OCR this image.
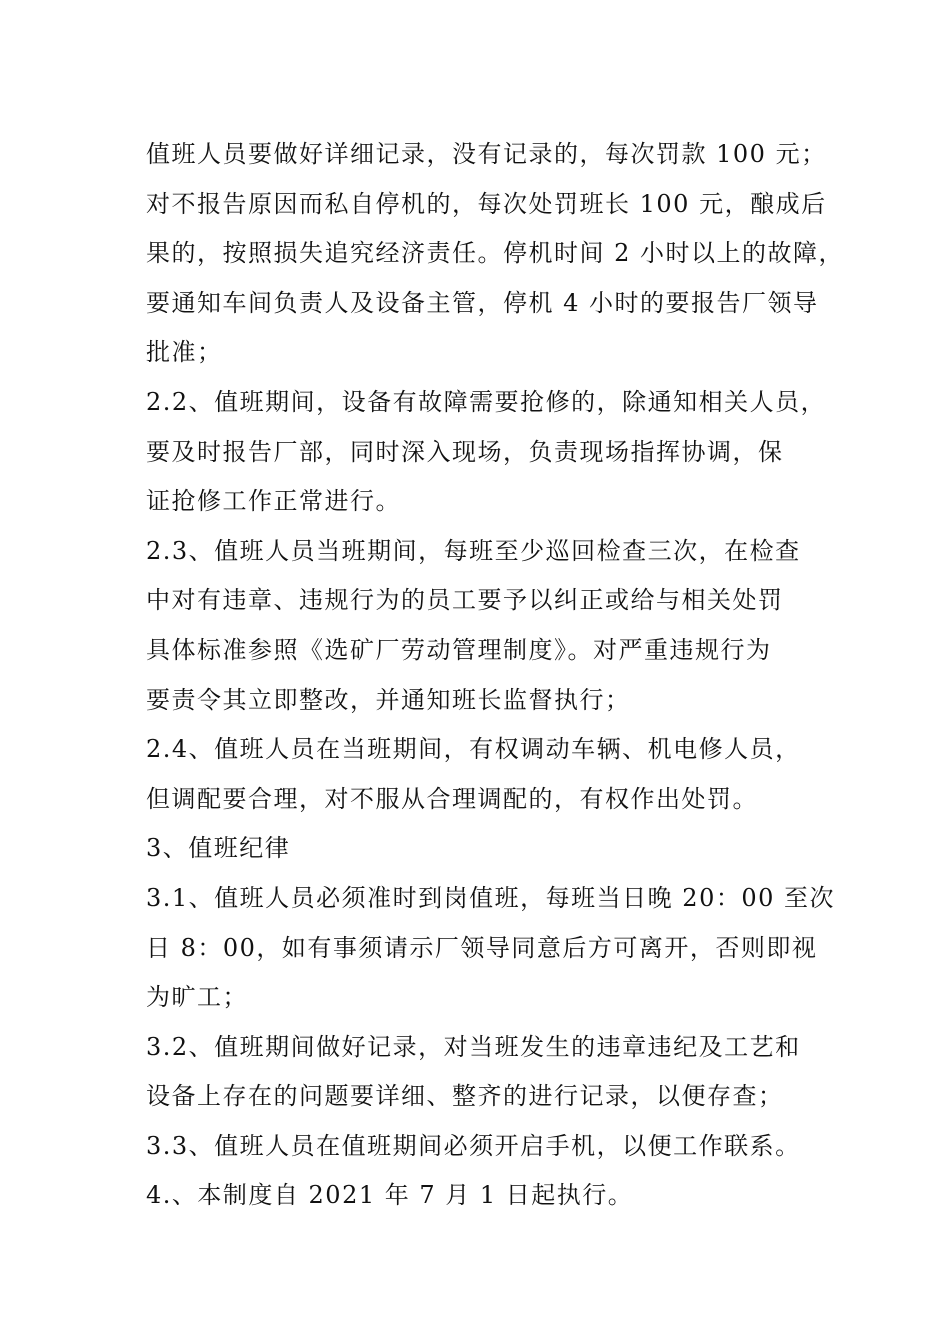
值班人员要做好详细记录，没有记录的，每次罚款 100 元；
对不报告原因而私自停机的，每次处罚班长 100 元，酿成后
果的，按照损失追究经济责任。停机时间 2 小时以上的故障，
要通知车间负责人及设备主管，停机 4 小时的要报告厂领导
批准；
2.2、值班期间，设备有故障需要抢修的，除通知相关人员，
要及时报告厂部，同时深入现场，负责现场指挥协调，保
证抢修工作正常进行。
2.3、值班人员当班期间，每班至少巡回检查三次，在检查
中对有违章、违规行为的员工要予以纠正或给与相关处罚
具体标准参照《选矿厂劳动管理制度》。对严重违规行为
要责令其立即整改，并通知班长监督执行；
2.4、值班人员在当班期间，有权调动车辆、机电修人员，
但调配要合理，对不服从合理调配的，有权作出处罚。
3、值班纪律
3.1、值班人员必须准时到岗值班，每班当日晚 20：00 至次
日 8：00，如有事须请示厂领导同意后方可离开，否则即视
为旷工；
3.2、值班期间做好记录，对当班发生的违章违纪及工艺和
设备上存在的问题要详细、整齐的进行记录，以便存查；
3.3、值班人员在值班期间必须开启手机，以便工作联系。
4.、本制度自 2021 年 7 月 1 日起执行。
